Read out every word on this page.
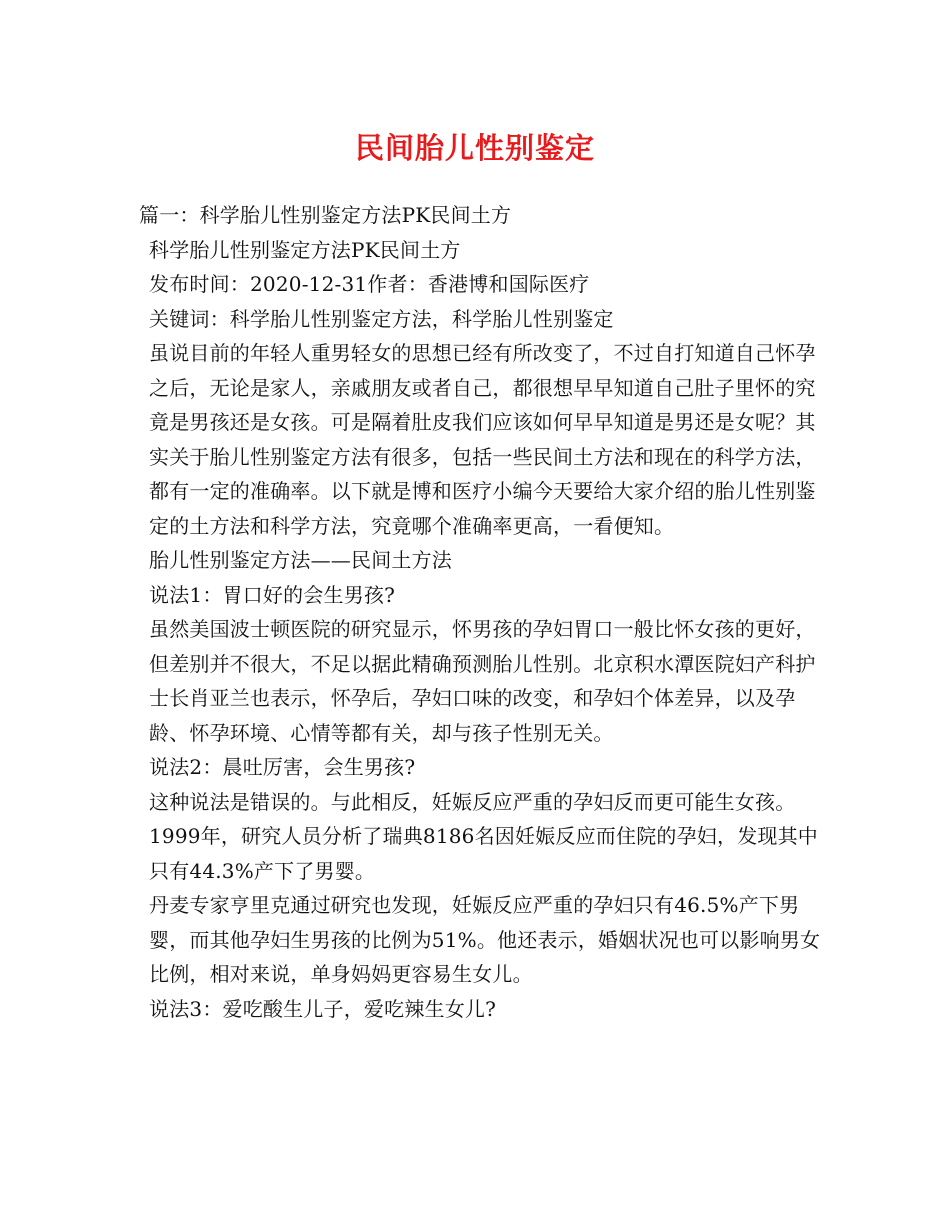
民间胎儿性别鉴定

篇一：科学胎儿性别鉴定方法PK民间土方

科学胎儿性别鉴定方法PK民间土方

发布时间：2020-12-31作者：香港博和国际医疗

关键词：科学胎儿性别鉴定方法，科学胎儿性别鉴定

虽说目前的年轻人重男轻女的思想已经有所改变了，不过自打知道自己怀孕之后，无论是家人，亲戚朋友或者自己，都很想早早知道自己肚子里怀的究竟是男孩还是女孩。可是隔着肚皮我们应该如何早早知道是男还是女呢？其实关于胎儿性别鉴定方法有很多，包括一些民间土方法和现在的科学方法，都有一定的准确率。以下就是博和医疗小编今天要给大家介绍的胎儿性别鉴定的土方法和科学方法，究竟哪个准确率更高，一看便知。

胎儿性别鉴定方法——民间土方法

说法1：胃口好的会生男孩?

虽然美国波士顿医院的研究显示，怀男孩的孕妇胃口一般比怀女孩的更好，但差别并不很大，不足以据此精确预测胎儿性别。北京积水潭医院妇产科护士长肖亚兰也表示，怀孕后，孕妇口味的改变，和孕妇个体差异，以及孕龄、怀孕环境、心情等都有关，却与孩子性别无关。

说法2：晨吐厉害，会生男孩?

这种说法是错误的。与此相反，妊娠反应严重的孕妇反而更可能生女孩。1999年，研究人员分析了瑞典8186名因妊娠反应而住院的孕妇，发现其中只有44.3%产下了男婴。

丹麦专家亨里克通过研究也发现，妊娠反应严重的孕妇只有46.5%产下男婴，而其他孕妇生男孩的比例为51%。他还表示，婚姻状况也可以影响男女比例，相对来说，单身妈妈更容易生女儿。

说法3：爱吃酸生儿子，爱吃辣生女儿?
